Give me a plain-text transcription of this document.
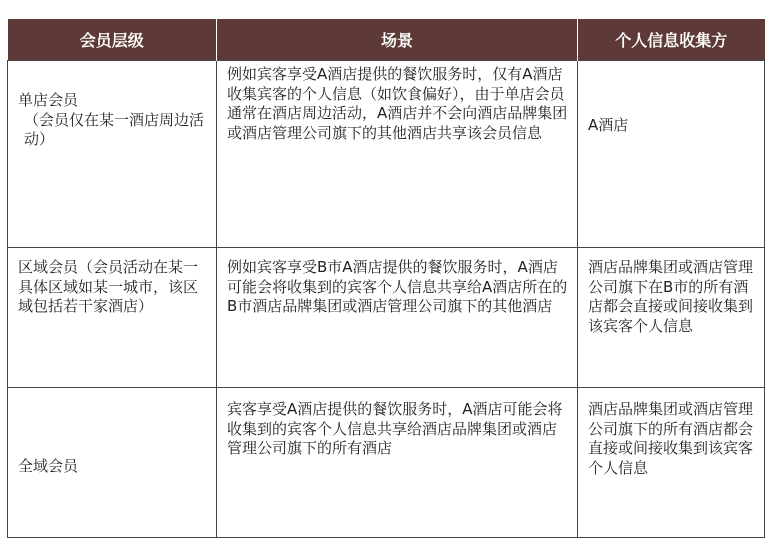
会员层级	场景	个人信息收集方

单店会员
（会员仅在某一酒店周边活动）	例如宾客享受A酒店提供的餐饮服务时，仅有A酒店收集宾客的个人信息（如饮食偏好），由于单店会员通常在酒店周边活动，A酒店并不会向酒店品牌集团或酒店管理公司旗下的其他酒店共享该会员信息	A酒店

区域会员（会员活动在某一具体区域如某一城市，该区域包括若干家酒店）	例如宾客享受B市A酒店提供的餐饮服务时，A酒店可能会将收集到的宾客个人信息共享给A酒店所在的B市酒店品牌集团或酒店管理公司旗下的其他酒店	酒店品牌集团或酒店管理公司旗下在B市的所有酒店都会直接或间接收集到该宾客个人信息

全域会员	宾客享受A酒店提供的餐饮服务时，A酒店可能会将收集到的宾客个人信息共享给酒店品牌集团或酒店管理公司旗下的所有酒店	酒店品牌集团或酒店管理公司旗下的所有酒店都会直接或间接收集到该宾客个人信息
